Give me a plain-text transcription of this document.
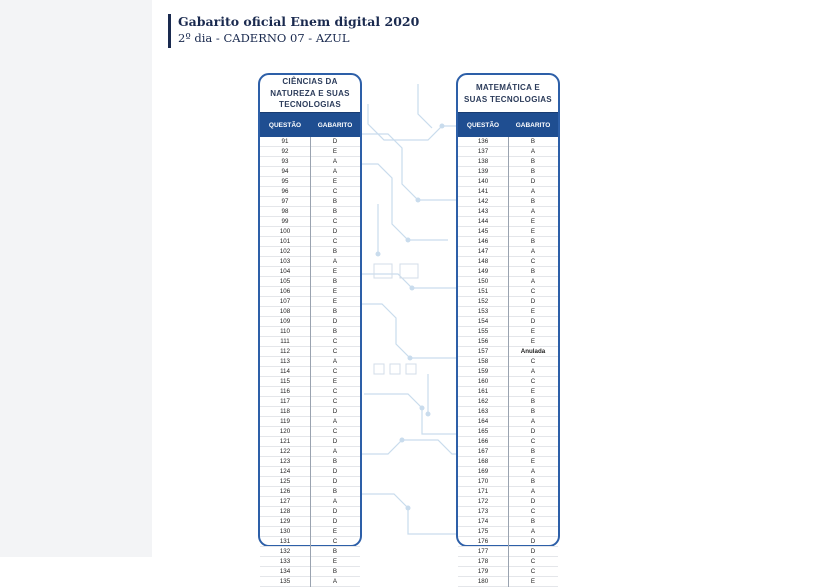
Gabarito oficial Enem digital 2020
2º dia - CADERNO 07 - AZUL
CIÊNCIAS DA NATUREZA E SUAS TECNOLOGIAS
QUESTÃO	GABARITO
91	D
92	E
93	A
94	A
95	E
96	C
97	B
98	B
99	C
100	D
101	C
102	B
103	A
104	E
105	B
106	E
107	E
108	B
109	D
110	B
111	C
112	C
113	A
114	C
115	E
116	C
117	C
118	D
119	A
120	C
121	D
122	A
123	B
124	D
125	D
126	B
127	A
128	D
129	D
130	E
131	C
132	B
133	E
134	B
135	A
MATEMÁTICA E SUAS TECNOLOGIAS
QUESTÃO	GABARITO
136	B
137	A
138	B
139	B
140	D
141	A
142	B
143	A
144	E
145	E
146	B
147	A
148	C
149	B
150	A
151	C
152	D
153	E
154	D
155	E
156	E
157	Anulada
158	C
159	A
160	C
161	E
162	B
163	B
164	A
165	D
166	C
167	B
168	E
169	A
170	B
171	A
172	D
173	C
174	B
175	A
176	D
177	D
178	C
179	C
180	E
